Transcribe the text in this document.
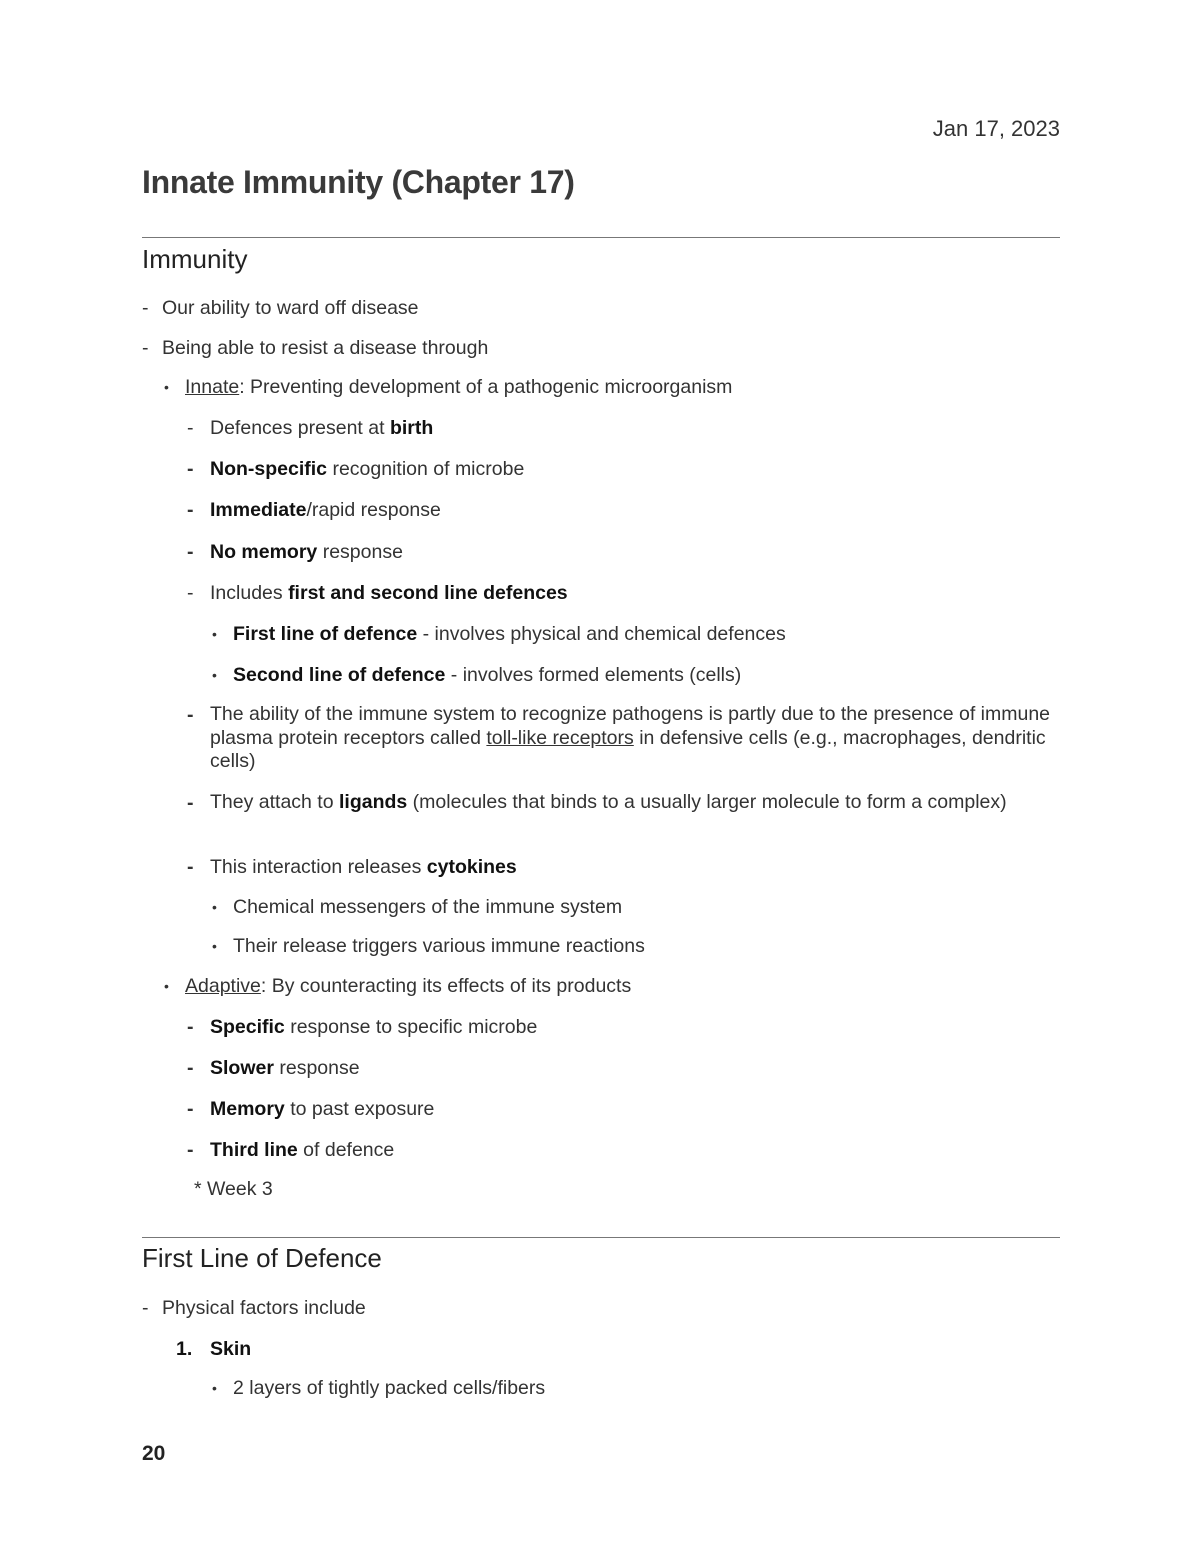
Jan 17, 2023
Innate Immunity (Chapter 17)
Immunity
- Our ability to ward off disease
- Being able to resist a disease through
• Innate: Preventing development of a pathogenic microorganism
- Defences present at birth
- Non-specific recognition of microbe
- Immediate/rapid response
- No memory response
- Includes first and second line defences
• First line of defence - involves physical and chemical defences
• Second line of defence - involves formed elements (cells)
- The ability of the immune system to recognize pathogens is partly due to the presence of immune plasma protein receptors called toll-like receptors in defensive cells (e.g., macrophages, dendritic cells)
- They attach to ligands (molecules that binds to a usually larger molecule to form a complex)
- This interaction releases cytokines
• Chemical messengers of the immune system
• Their release triggers various immune reactions
• Adaptive: By counteracting its effects of its products
- Specific response to specific microbe
- Slower response
- Memory to past exposure
- Third line of defence
* Week 3
First Line of Defence
- Physical factors include
1. Skin
• 2 layers of tightly packed cells/fibers
20
